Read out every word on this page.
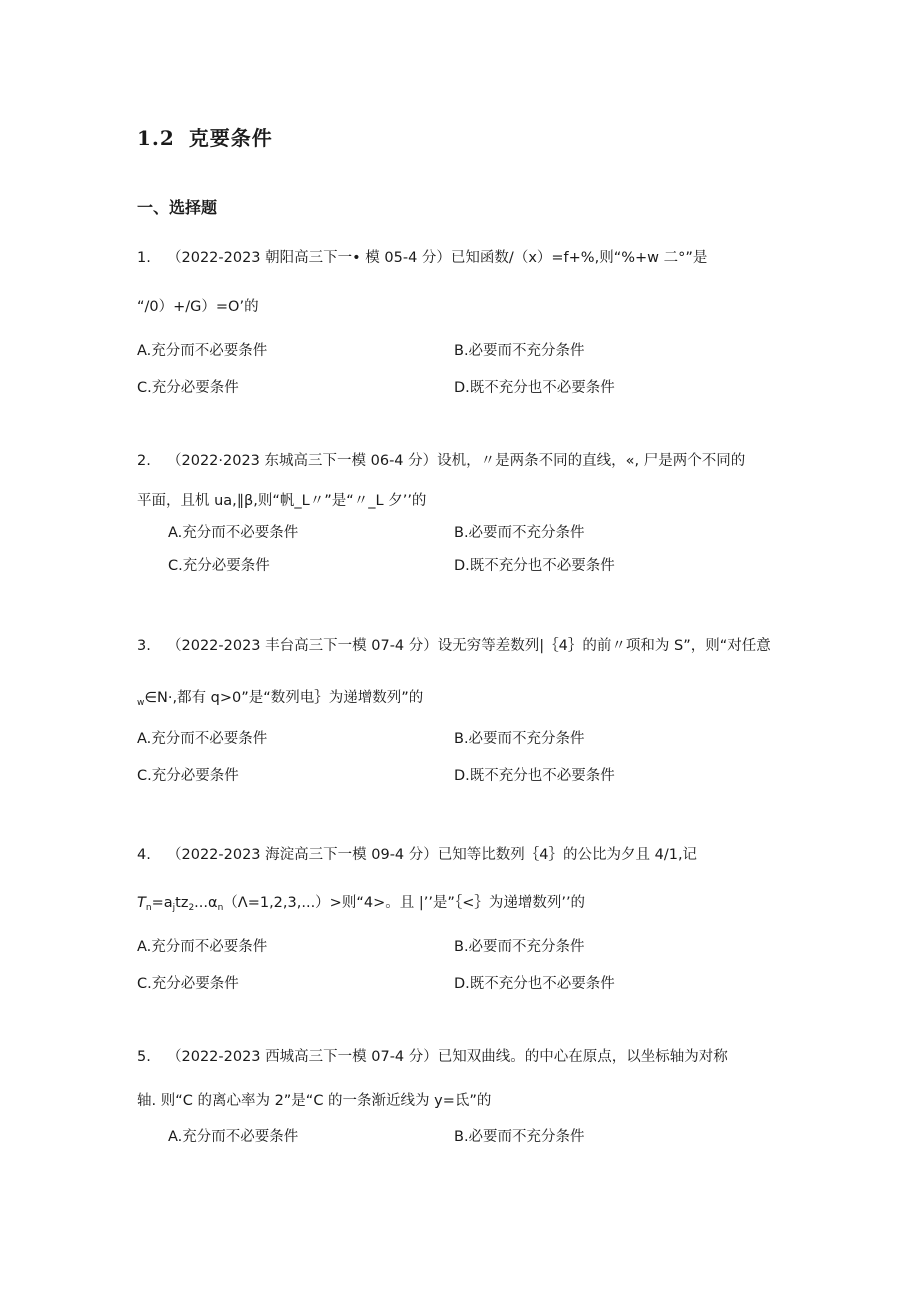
1.2 克要条件
一、选择题
1. （2022-2023 朝阳高三下一• 模 05-4 分）已知函数/（x）=f+%,则“%+w 二°”是
“/0）+/G）=O’的
A.充分而不必要条件	B.必要而不充分条件
C.充分必要条件	D.既不充分也不必要条件
2. （2022·2023 东城高三下一模 06-4 分）设机，〃是两条不同的直线，«, 尸是两个不同的
平面，且机 ua,∥β,则“帆_L〃”是“〃_L 夕’’的
A.充分而不必要条件	B.必要而不充分条件
C.充分必要条件	D.既不充分也不必要条件
3. （2022-2023 丰台高三下一模 07-4 分）设无穷等差数列|｛4｝的前〃项和为 S”，则“对任意
$_w$∈N·,都有 q>0”是“数列电｝为递增数列”的
A.充分而不必要条件	B.必要而不充分条件
C.充分必要条件	D.既不充分也不必要条件
4. （2022-2023 海淀高三下一模 09-4 分）已知等比数列｛4｝的公比为夕且 4/1,记
$T_n=a_jtz_2...\alpha_n(\Lambda=1,2,3,...)>$则“4>。且 |’’是”｛<｝为递增数列’’的
A.充分而不必要条件	B.必要而不充分条件
C.充分必要条件	D.既不充分也不必要条件
5. （2022-2023 西城高三下一模 07-4 分）已知双曲线。的中心在原点，以坐标轴为对称
轴. 则“C 的离心率为 2”是“C 的一条渐近线为 y=氐”的
A.充分而不必要条件	B.必要而不充分条件
